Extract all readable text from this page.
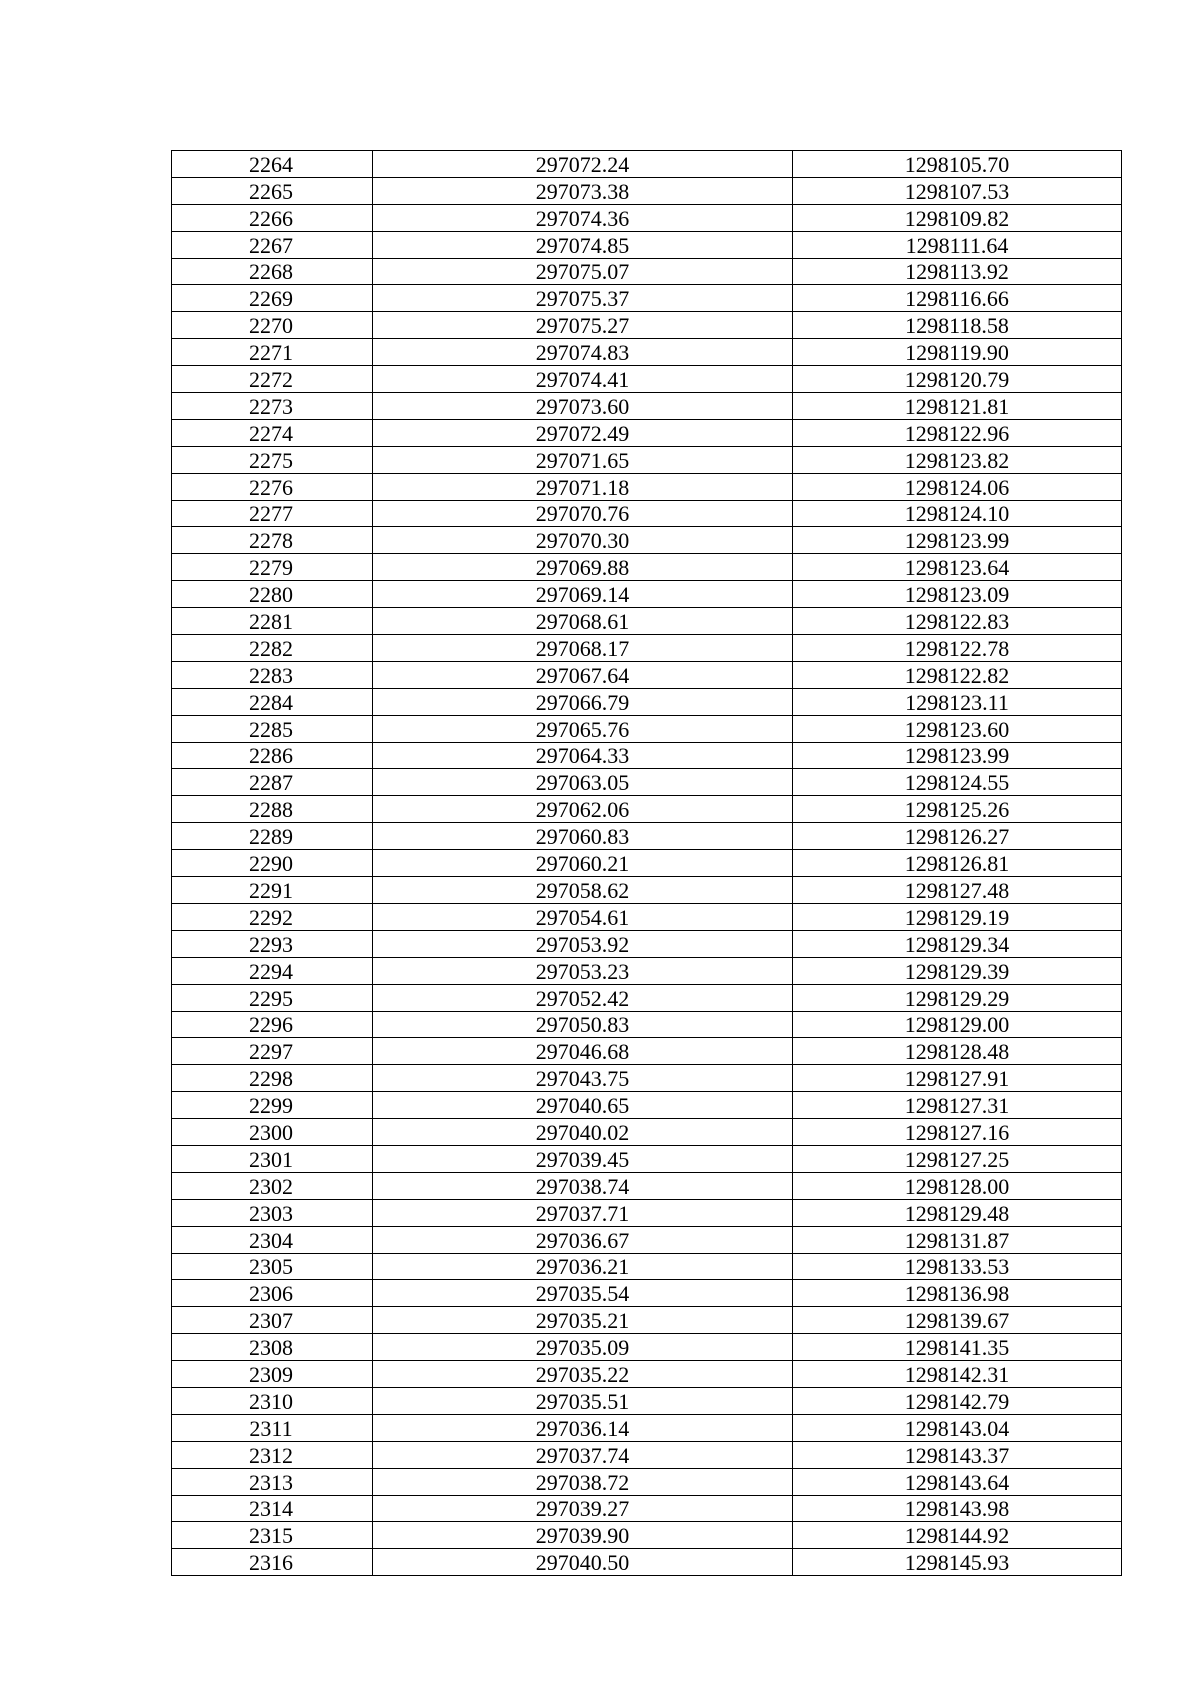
2264	297072.24	1298105.70
2265	297073.38	1298107.53
2266	297074.36	1298109.82
2267	297074.85	1298111.64
2268	297075.07	1298113.92
2269	297075.37	1298116.66
2270	297075.27	1298118.58
2271	297074.83	1298119.90
2272	297074.41	1298120.79
2273	297073.60	1298121.81
2274	297072.49	1298122.96
2275	297071.65	1298123.82
2276	297071.18	1298124.06
2277	297070.76	1298124.10
2278	297070.30	1298123.99
2279	297069.88	1298123.64
2280	297069.14	1298123.09
2281	297068.61	1298122.83
2282	297068.17	1298122.78
2283	297067.64	1298122.82
2284	297066.79	1298123.11
2285	297065.76	1298123.60
2286	297064.33	1298123.99
2287	297063.05	1298124.55
2288	297062.06	1298125.26
2289	297060.83	1298126.27
2290	297060.21	1298126.81
2291	297058.62	1298127.48
2292	297054.61	1298129.19
2293	297053.92	1298129.34
2294	297053.23	1298129.39
2295	297052.42	1298129.29
2296	297050.83	1298129.00
2297	297046.68	1298128.48
2298	297043.75	1298127.91
2299	297040.65	1298127.31
2300	297040.02	1298127.16
2301	297039.45	1298127.25
2302	297038.74	1298128.00
2303	297037.71	1298129.48
2304	297036.67	1298131.87
2305	297036.21	1298133.53
2306	297035.54	1298136.98
2307	297035.21	1298139.67
2308	297035.09	1298141.35
2309	297035.22	1298142.31
2310	297035.51	1298142.79
2311	297036.14	1298143.04
2312	297037.74	1298143.37
2313	297038.72	1298143.64
2314	297039.27	1298143.98
2315	297039.90	1298144.92
2316	297040.50	1298145.93
